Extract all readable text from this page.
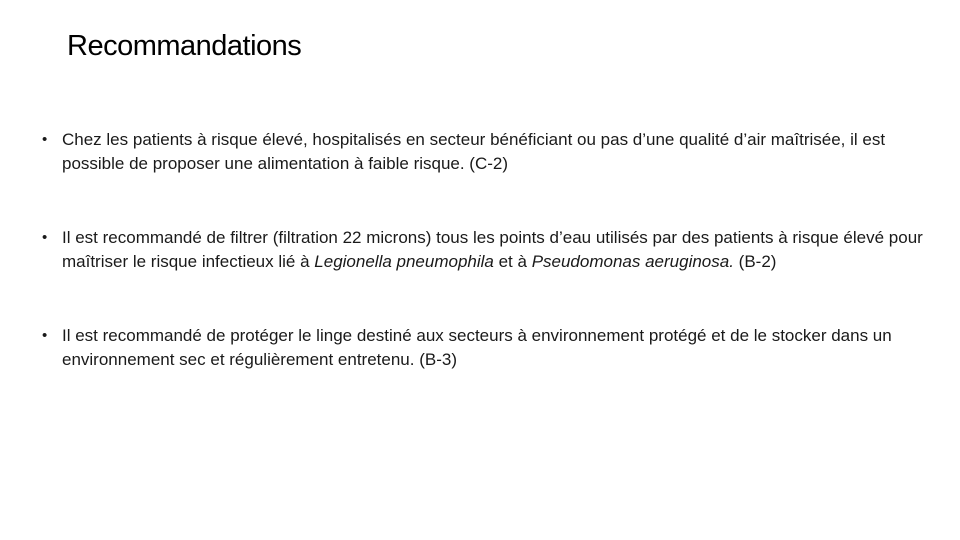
Recommandations
• Chez les patients à risque élevé, hospitalisés en secteur bénéficiant ou pas d’une qualité d’air maîtrisée, il est possible de proposer une alimentation à faible risque. (C-2)
• Il est recommandé de filtrer (filtration 22 microns) tous les points d’eau utilisés par des patients à risque élevé pour maîtriser le risque infectieux lié à Legionella pneumophila et à Pseudomonas aeruginosa. (B-2)
• Il est recommandé de protéger le linge destiné aux secteurs à environnement protégé et de le stocker dans un environnement sec et régulièrement entretenu. (B-3)
